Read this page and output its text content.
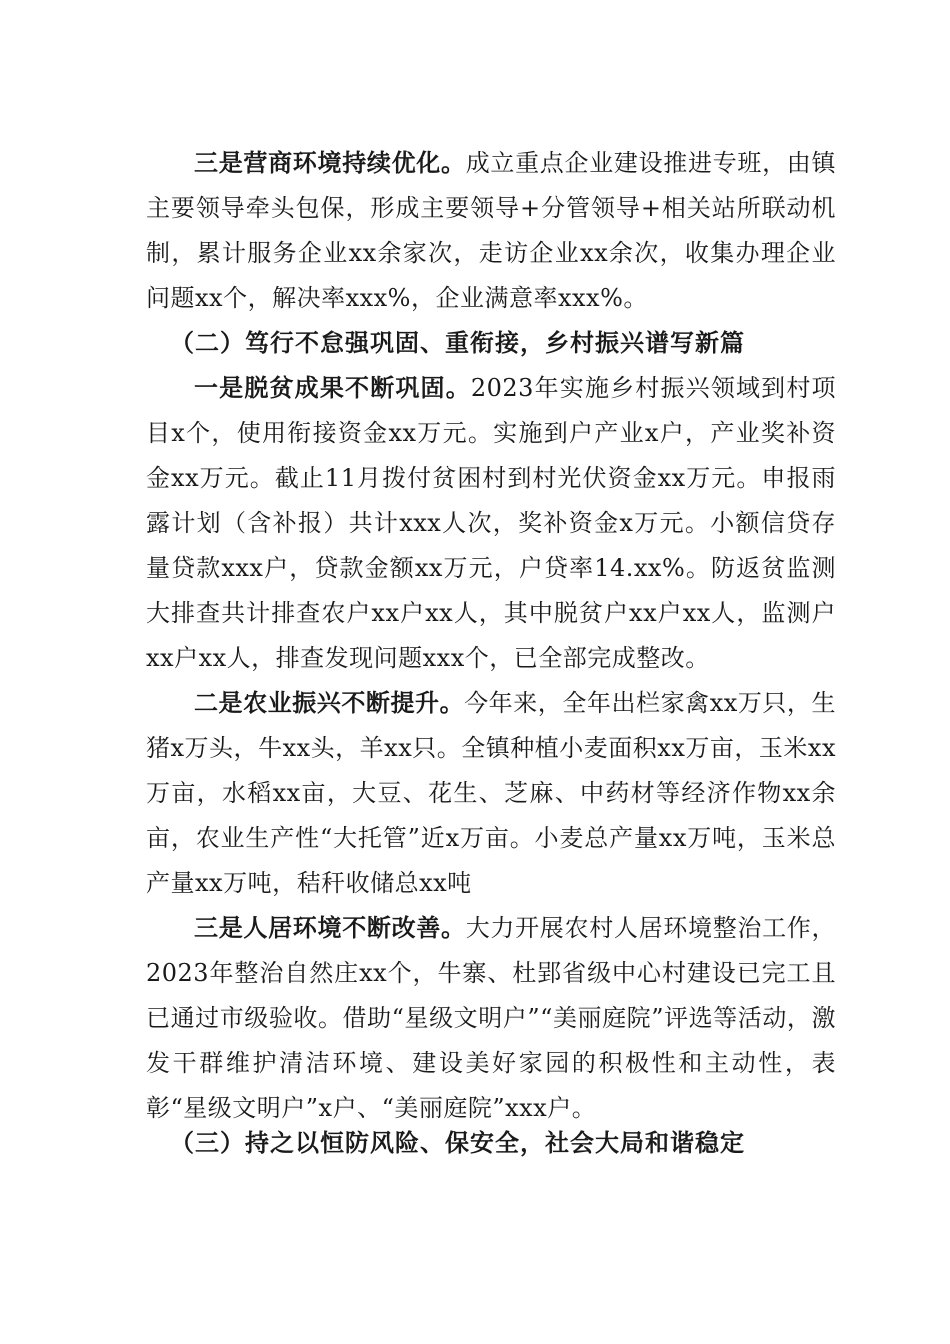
三是营商环境持续优化。成立重点企业建设推进专班，由镇主要领导牵头包保，形成主要领导+分管领导+相关站所联动机制，累计服务企业xx余家次，走访企业xx余次，收集办理企业问题xx个，解决率xxx%，企业满意率xxx%。

（二）笃行不怠强巩固、重衔接，乡村振兴谱写新篇

一是脱贫成果不断巩固。2023年实施乡村振兴领域到村项目x个，使用衔接资金xx万元。实施到户产业x户，产业奖补资金xx万元。截止11月拨付贫困村到村光伏资金xx万元。申报雨露计划（含补报）共计xxx人次，奖补资金x万元。小额信贷存量贷款xxx户，贷款金额xx万元，户贷率14.xx%。防返贫监测大排查共计排查农户xx户xx人，其中脱贫户xx户xx人，监测户xx户xx人，排查发现问题xxx个，已全部完成整改。

二是农业振兴不断提升。今年来，全年出栏家禽xx万只，生猪x万头，牛xx头，羊xx只。全镇种植小麦面积xx万亩，玉米xx万亩，水稻xx亩，大豆、花生、芝麻、中药材等经济作物xx余亩，农业生产性“大托管”近x万亩。小麦总产量xx万吨，玉米总产量xx万吨，秸秆收储总xx吨

三是人居环境不断改善。大力开展农村人居环境整治工作，2023年整治自然庄xx个，牛寨、杜郢省级中心村建设已完工且已通过市级验收。借助“星级文明户”“美丽庭院”评选等活动，激发干群维护清洁环境、建设美好家园的积极性和主动性，表彰“星级文明户”x户、“美丽庭院”xxx户。

（三）持之以恒防风险、保安全，社会大局和谐稳定
